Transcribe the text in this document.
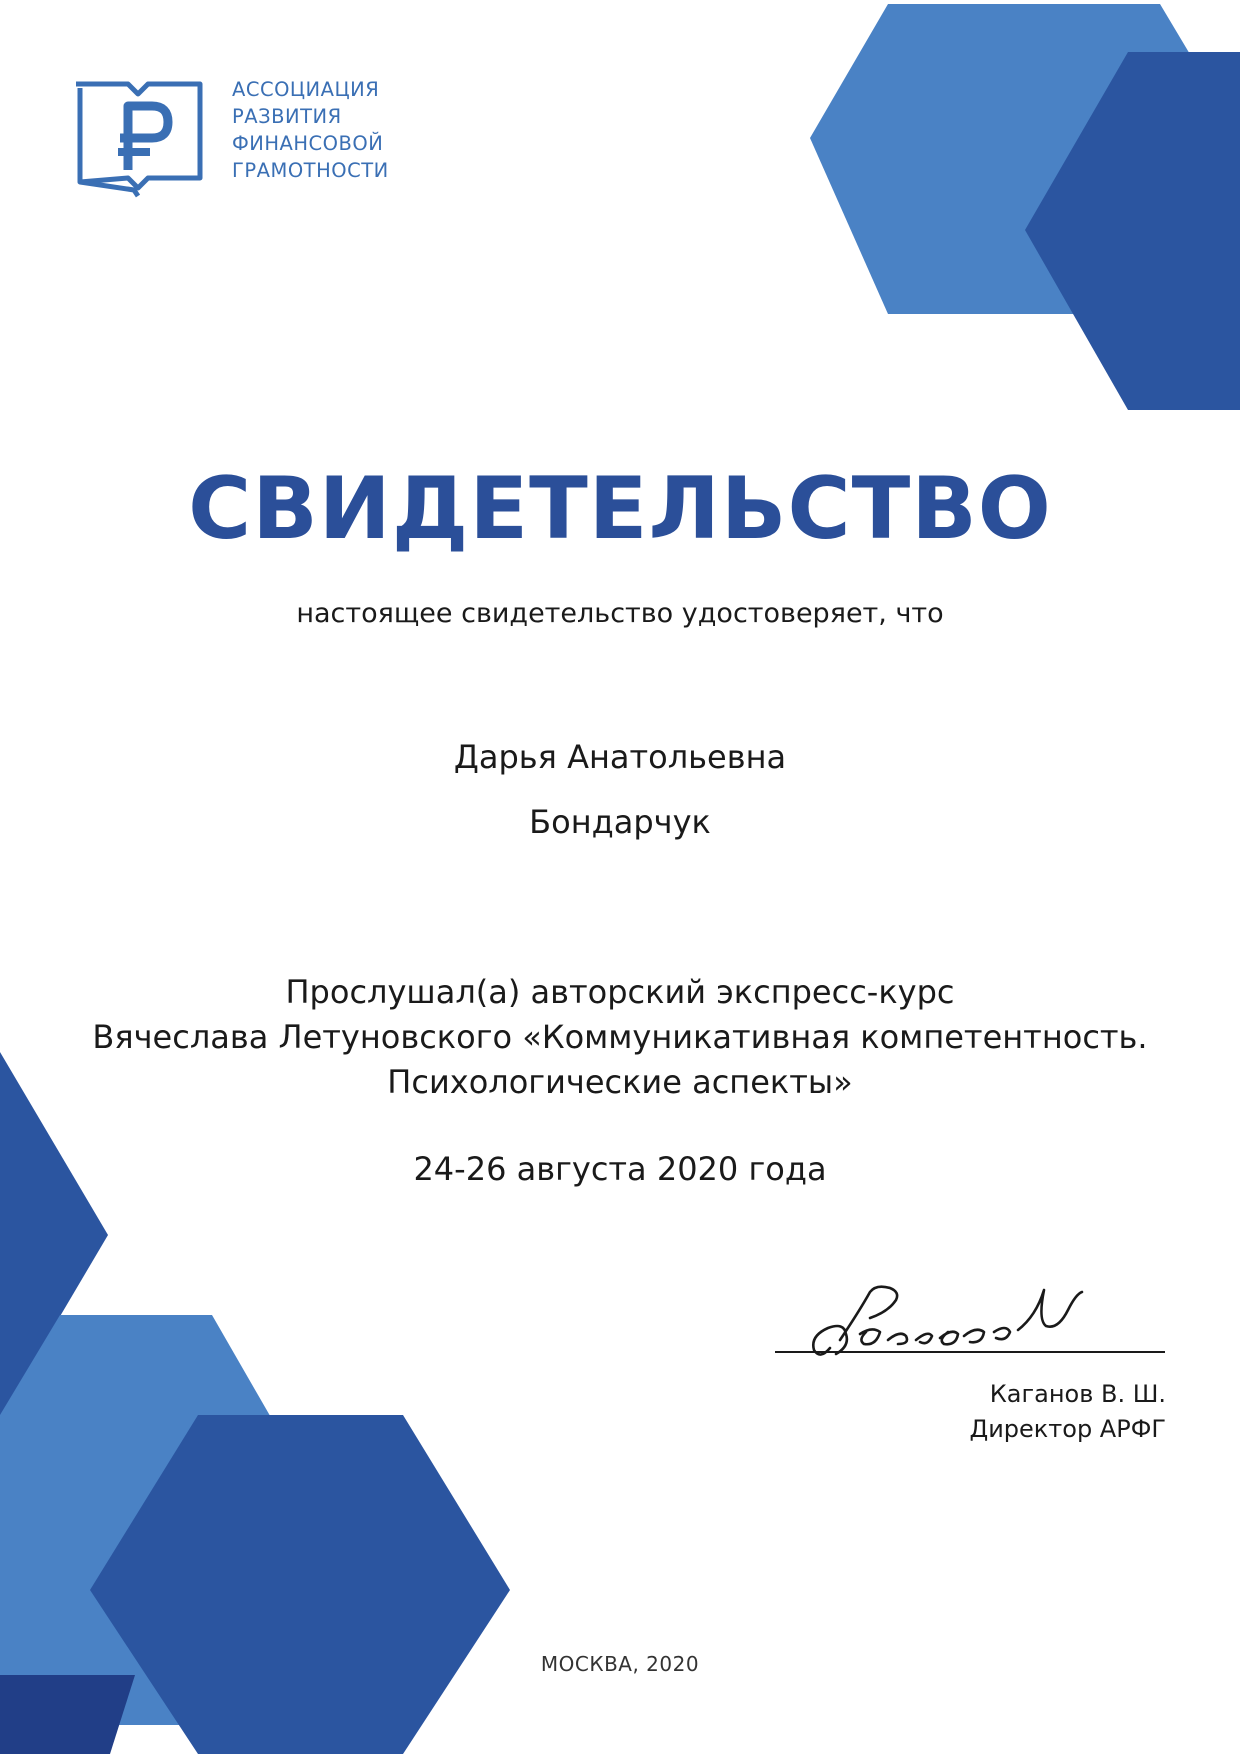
АССОЦИАЦИЯ
РАЗВИТИЯ
ФИНАНСОВОЙ
ГРАМОТНОСТИ
СВИДЕТЕЛЬСТВО
настоящее свидетельство удостоверяет, что
Дарья Анатольевна
Бондарчук
Прослушал(а) авторский экспресс-курс
Вячеслава Летуновского «Коммуникативная компетентность.
Психологические аспекты»
24-26 августа 2020 года
Каганов В. Ш.
Директор АРФГ
МОСКВА, 2020
